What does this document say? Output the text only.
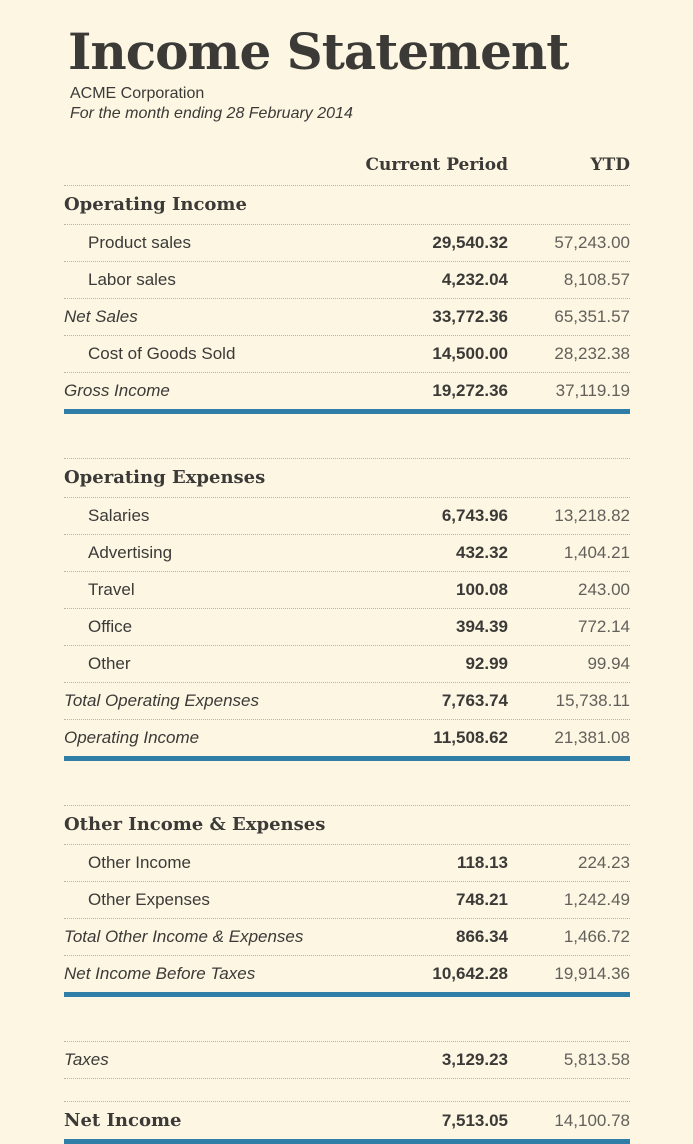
Income Statement
ACME Corporation
For the month ending 28 February 2014
Current Period	YTD
Operating Income
Product sales	29,540.32	57,243.00
Labor sales	4,232.04	8,108.57
Net Sales	33,772.36	65,351.57
Cost of Goods Sold	14,500.00	28,232.38
Gross Income	19,272.36	37,119.19
Operating Expenses
Salaries	6,743.96	13,218.82
Advertising	432.32	1,404.21
Travel	100.08	243.00
Office	394.39	772.14
Other	92.99	99.94
Total Operating Expenses	7,763.74	15,738.11
Operating Income	11,508.62	21,381.08
Other Income & Expenses
Other Income	118.13	224.23
Other Expenses	748.21	1,242.49
Total Other Income & Expenses	866.34	1,466.72
Net Income Before Taxes	10,642.28	19,914.36
Taxes	3,129.23	5,813.58
Net Income	7,513.05	14,100.78
